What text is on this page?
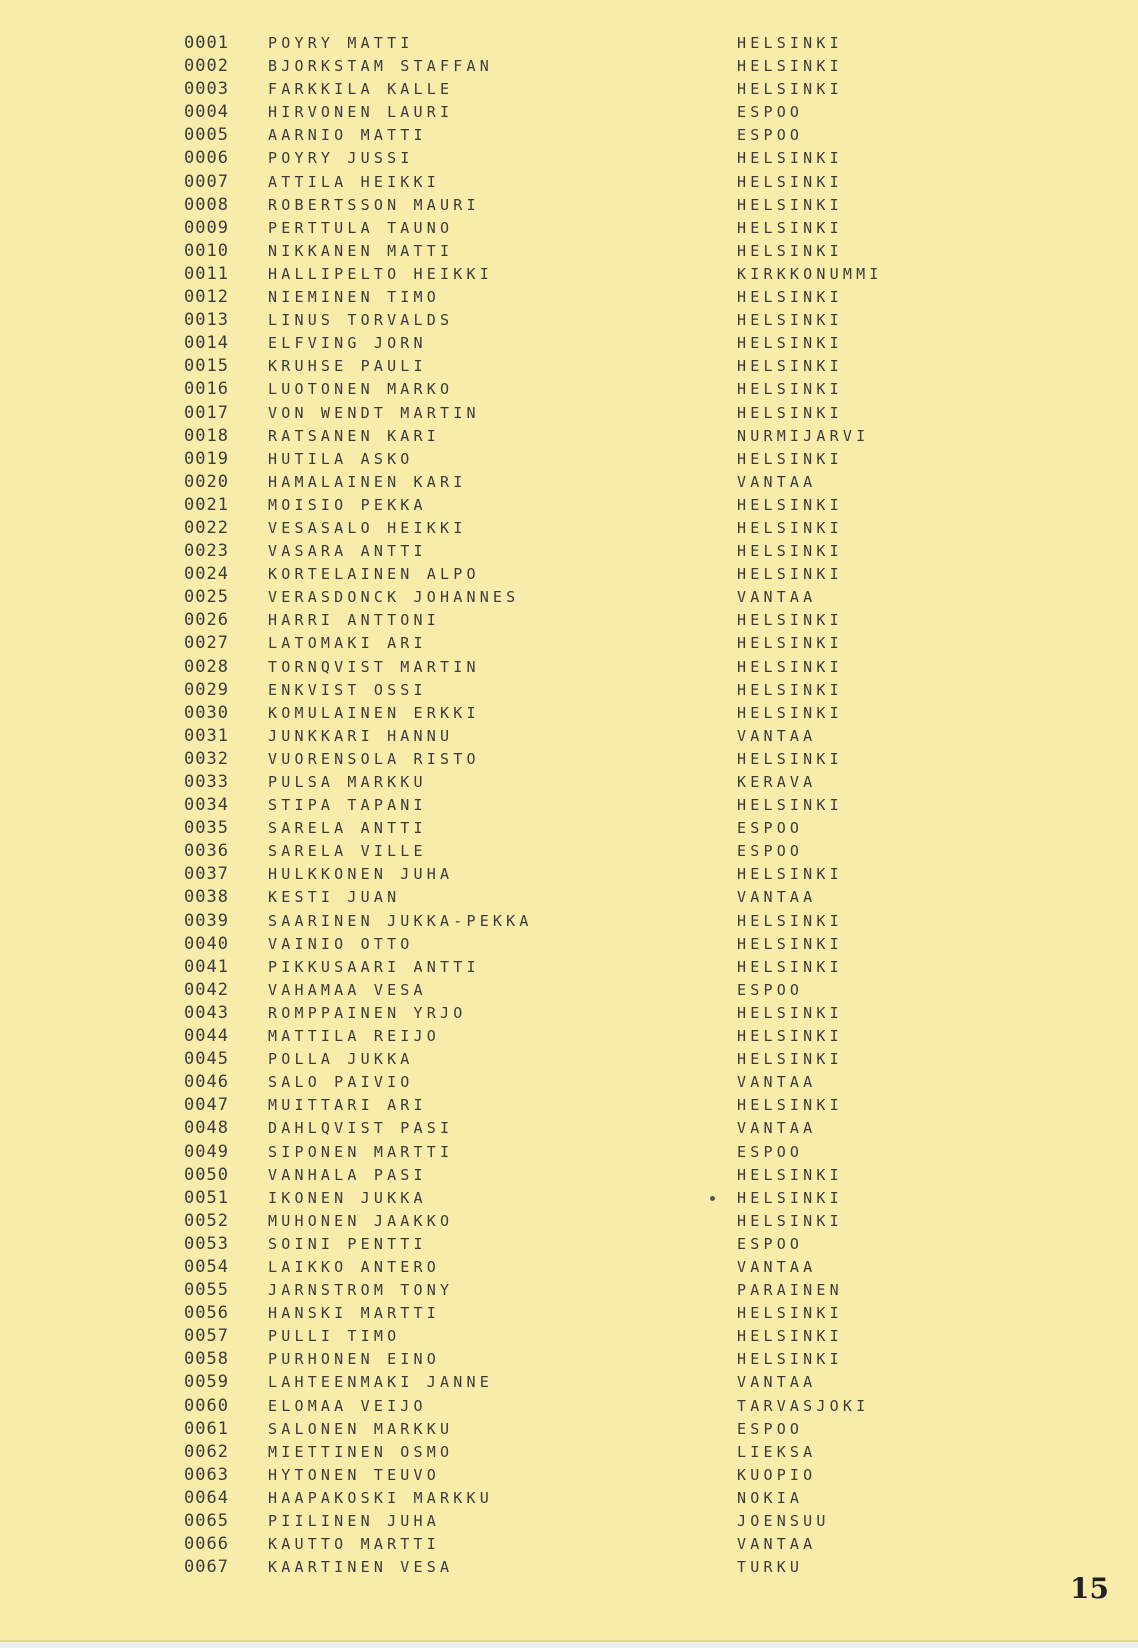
0001	POYRY MATTI	HELSINKI
0002	BJORKSTAM STAFFAN	HELSINKI
0003	FARKKILA KALLE	HELSINKI
0004	HIRVONEN LAURI	ESPOO
0005	AARNIO MATTI	ESPOO
0006	POYRY JUSSI	HELSINKI
0007	ATTILA HEIKKI	HELSINKI
0008	ROBERTSSON MAURI	HELSINKI
0009	PERTTULA TAUNO	HELSINKI
0010	NIKKANEN MATTI	HELSINKI
0011	HALLIPELTO HEIKKI	KIRKKONUMMI
0012	NIEMINEN TIMO	HELSINKI
0013	LINUS TORVALDS	HELSINKI
0014	ELFVING JORN	HELSINKI
0015	KRUHSE PAULI	HELSINKI
0016	LUOTONEN MARKO	HELSINKI
0017	VON WENDT MARTIN	HELSINKI
0018	RATSANEN KARI	NURMIJARVI
0019	HUTILA ASKO	HELSINKI
0020	HAMALAINEN KARI	VANTAA
0021	MOISIO PEKKA	HELSINKI
0022	VESASALO HEIKKI	HELSINKI
0023	VASARA ANTTI	HELSINKI
0024	KORTELAINEN ALPO	HELSINKI
0025	VERASDONCK JOHANNES	VANTAA
0026	HARRI ANTTONI	HELSINKI
0027	LATOMAKI ARI	HELSINKI
0028	TORNQVIST MARTIN	HELSINKI
0029	ENKVIST OSSI	HELSINKI
0030	KOMULAINEN ERKKI	HELSINKI
0031	JUNKKARI HANNU	VANTAA
0032	VUORENSOLA RISTO	HELSINKI
0033	PULSA MARKKU	KERAVA
0034	STIPA TAPANI	HELSINKI
0035	SARELA ANTTI	ESPOO
0036	SARELA VILLE	ESPOO
0037	HULKKONEN JUHA	HELSINKI
0038	KESTI JUAN	VANTAA
0039	SAARINEN JUKKA-PEKKA	HELSINKI
0040	VAINIO OTTO	HELSINKI
0041	PIKKUSAARI ANTTI	HELSINKI
0042	VAHAMAA VESA	ESPOO
0043	ROMPPAINEN YRJO	HELSINKI
0044	MATTILA REIJO	HELSINKI
0045	POLLA JUKKA	HELSINKI
0046	SALO PAIVIO	VANTAA
0047	MUITTARI ARI	HELSINKI
0048	DAHLQVIST PASI	VANTAA
0049	SIPONEN MARTTI	ESPOO
0050	VANHALA PASI	HELSINKI
0051	IKONEN JUKKA	HELSINKI
0052	MUHONEN JAAKKO	HELSINKI
0053	SOINI PENTTI	ESPOO
0054	LAIKKO ANTERO	VANTAA
0055	JARNSTROM TONY	PARAINEN
0056	HANSKI MARTTI	HELSINKI
0057	PULLI TIMO	HELSINKI
0058	PURHONEN EINO	HELSINKI
0059	LAHTEENMAKI JANNE	VANTAA
0060	ELOMAA VEIJO	TARVASJOKI
0061	SALONEN MARKKU	ESPOO
0062	MIETTINEN OSMO	LIEKSA
0063	HYTONEN TEUVO	KUOPIO
0064	HAAPAKOSKI MARKKU	NOKIA
0065	PIILINEN JUHA	JOENSUU
0066	KAUTTO MARTTI	VANTAA
0067	KAARTINEN VESA	TURKU
15
